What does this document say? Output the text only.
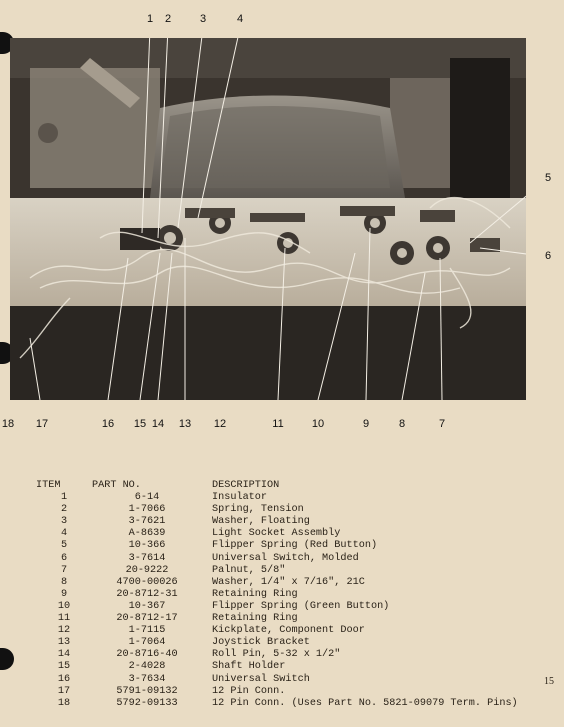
1 2	3	4
5
6
18 17	16 15 14 13 12	11	10	9	8	7
ITEM	PART NO.	DESCRIPTION
1	6-14	Insulator
2	1-7066	Spring, Tension
3	3-7621	Washer, Floating
4	A-8639	Light Socket Assembly
5	10-366	Flipper Spring (Red Button)
6	3-7614	Universal Switch, Molded
7	20-9222	Palnut, 5/8"
8	4700-00026	Washer, 1/4" x 7/16", 21C
9	20-8712-31	Retaining Ring
10	10-367	Flipper Spring (Green Button)
11	20-8712-17	Retaining Ring
12	1-7115	Kickplate, Component Door
13	1-7064	Joystick Bracket
14	20-8716-40	Roll Pin, 5-32 x 1/2"
15	2-4028	Shaft Holder
16	3-7634	Universal Switch
17	5791-09132	12 Pin Conn.
18	5792-09133	12 Pin Conn. (Uses Part No. 5821-09079 Term. Pins)
15
